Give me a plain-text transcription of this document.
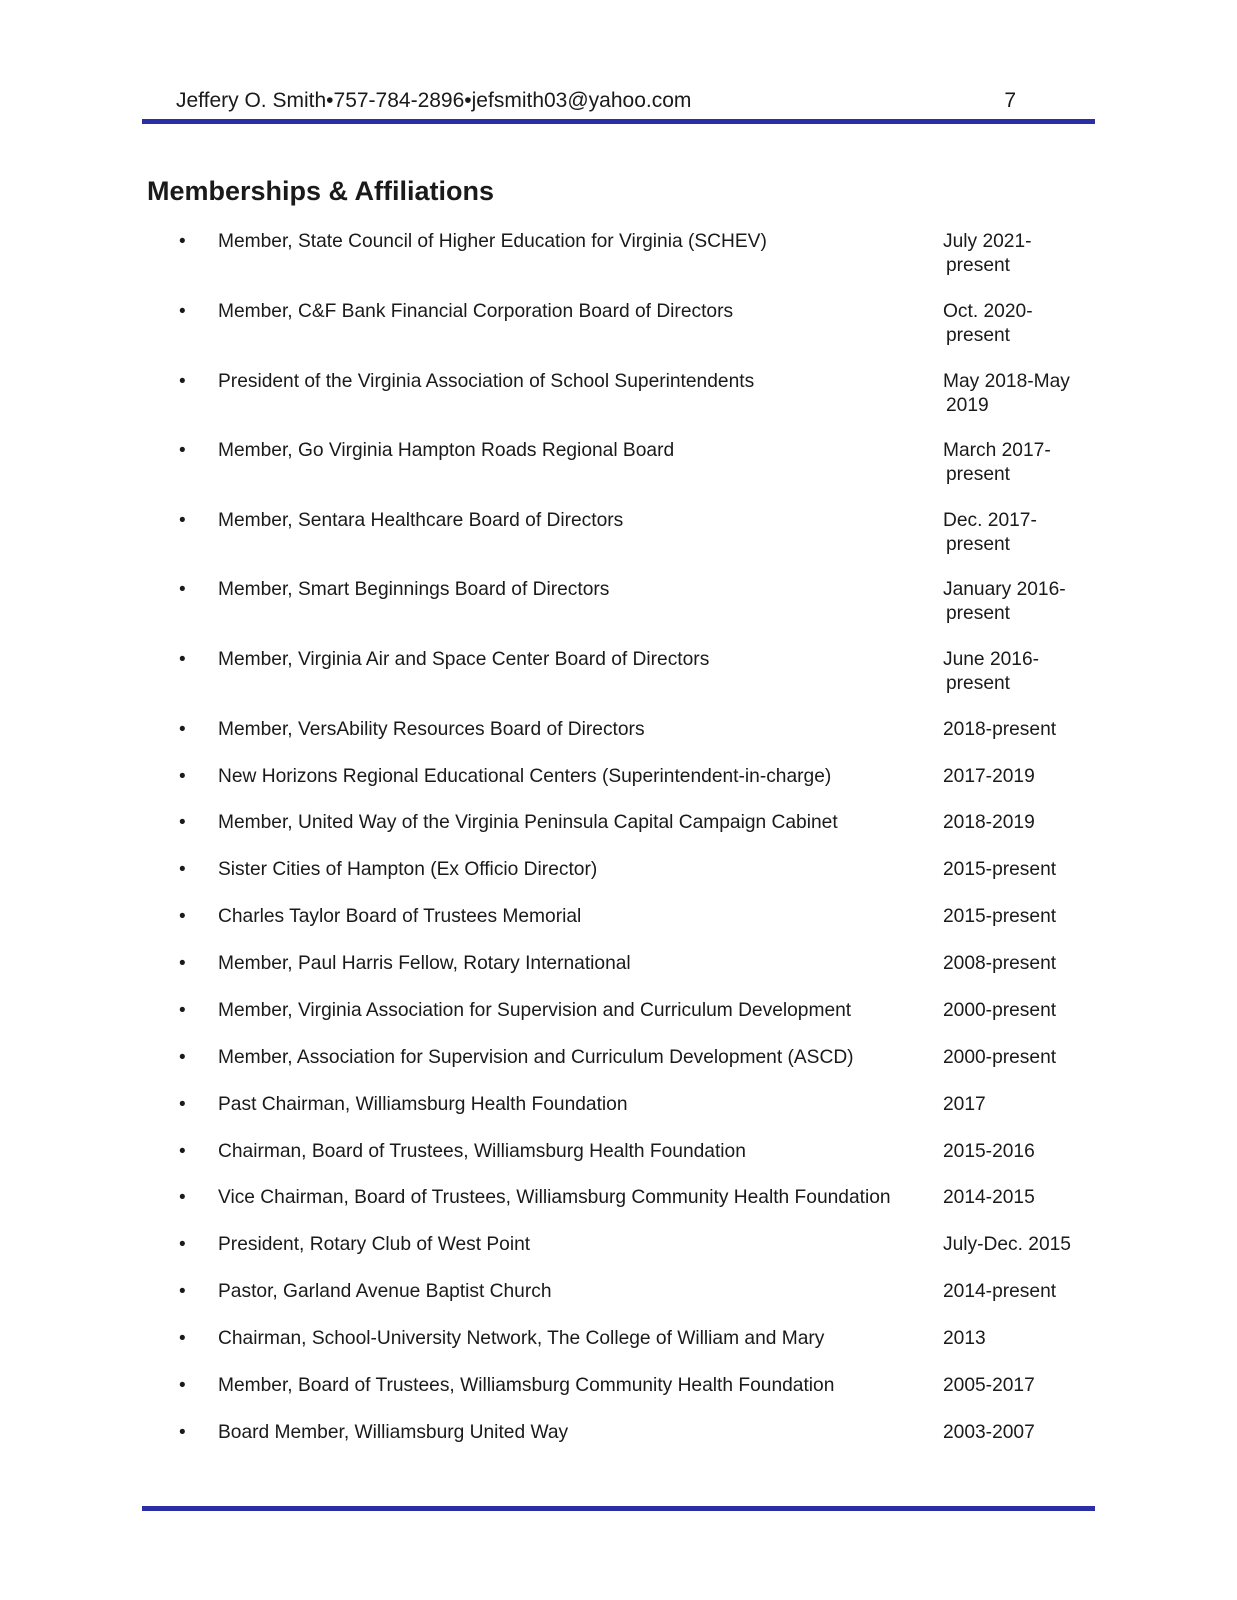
Jeffery O. Smith•757-784-2896•jefsmith03@yahoo.com	7
Memberships & Affiliations
• Member, State Council of Higher Education for Virginia (SCHEV)	July 2021-
present
• Member, C&F Bank Financial Corporation Board of Directors	Oct. 2020-
present
• President of the Virginia Association of School Superintendents	May 2018-May
2019
• Member, Go Virginia Hampton Roads Regional Board	March 2017-
present
• Member, Sentara Healthcare Board of Directors	Dec. 2017-
present
• Member, Smart Beginnings Board of Directors	January 2016-
present
• Member, Virginia Air and Space Center Board of Directors	June 2016-
present
• Member, VersAbility Resources Board of Directors	2018-present
• New Horizons Regional Educational Centers (Superintendent-in-charge)	2017-2019
• Member, United Way of the Virginia Peninsula Capital Campaign Cabinet	2018-2019
• Sister Cities of Hampton (Ex Officio Director)	2015-present
• Charles Taylor Board of Trustees Memorial	2015-present
• Member, Paul Harris Fellow, Rotary International	2008-present
• Member, Virginia Association for Supervision and Curriculum Development	2000-present
• Member, Association for Supervision and Curriculum Development (ASCD)	2000-present
• Past Chairman, Williamsburg Health Foundation	2017
• Chairman, Board of Trustees, Williamsburg Health Foundation	2015-2016
• Vice Chairman, Board of Trustees, Williamsburg Community Health Foundation	2014-2015
• President, Rotary Club of West Point	July-Dec. 2015
• Pastor, Garland Avenue Baptist Church	2014-present
• Chairman, School-University Network, The College of William and Mary	2013
• Member, Board of Trustees, Williamsburg Community Health Foundation	2005-2017
• Board Member, Williamsburg United Way	2003-2007
